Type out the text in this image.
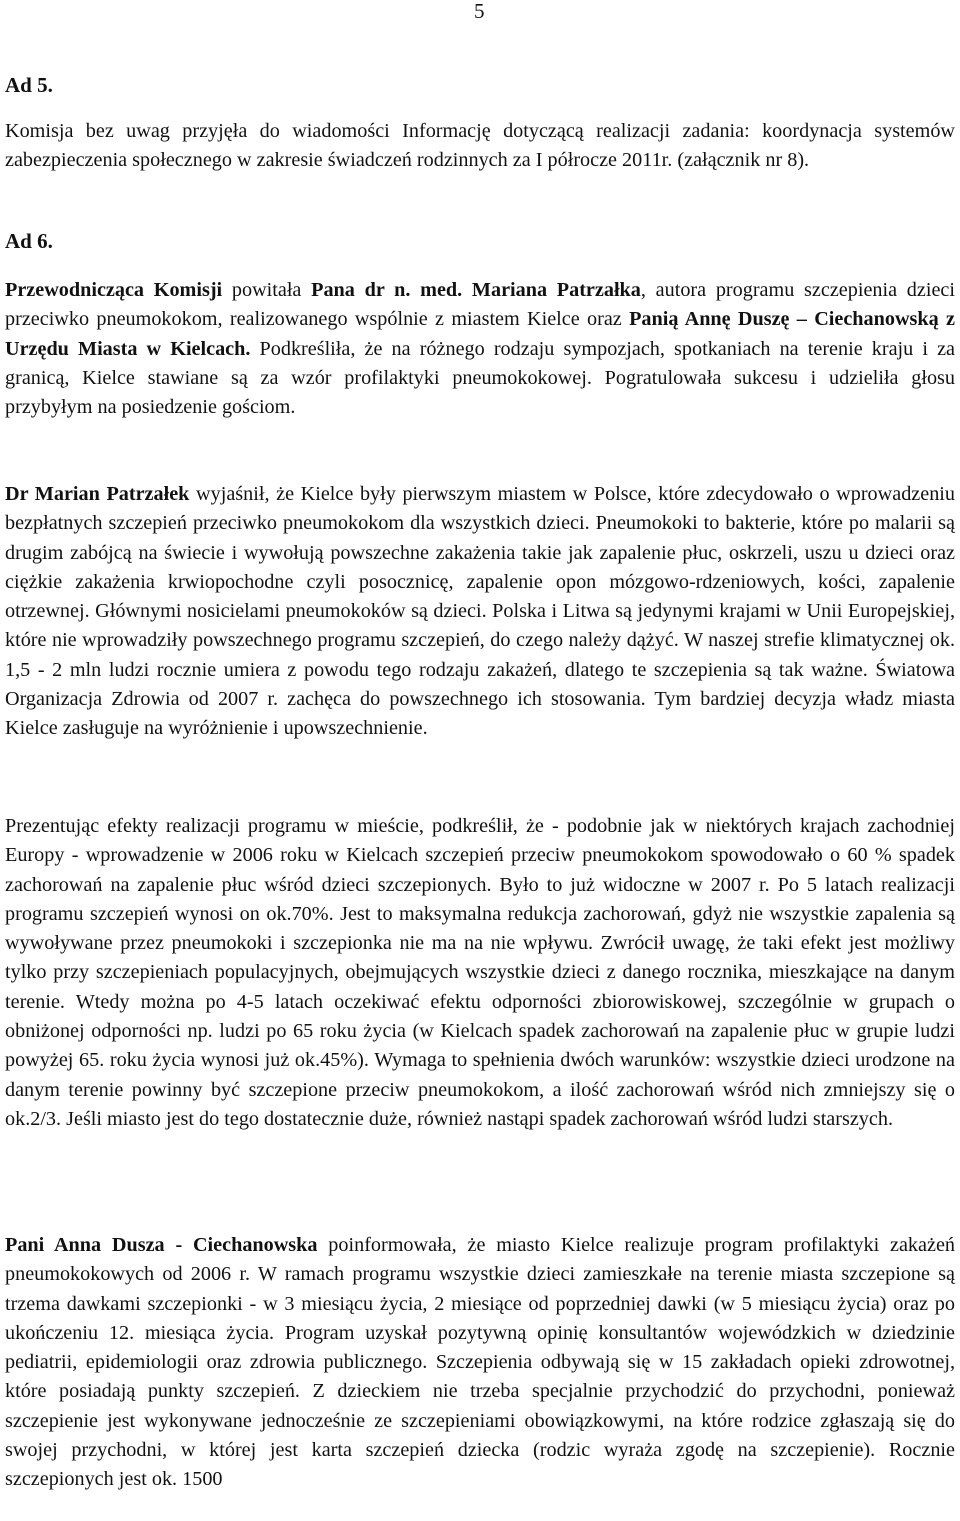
5
Ad 5.

Komisja bez uwag przyjęła do wiadomości Informację dotyczącą realizacji zadania: koordynacja systemów zabezpieczenia społecznego w zakresie świadczeń rodzinnych za I półrocze 2011r. (załącznik nr 8).

Ad 6.

Przewodnicząca Komisji powitała Pana dr n. med. Mariana Patrzałka, autora programu szczepienia dzieci przeciwko pneumokokom, realizowanego wspólnie z miastem Kielce oraz Panią Annę Duszę – Ciechanowską z Urzędu Miasta w Kielcach. Podkreśliła, że na różnego rodzaju sympozjach, spotkaniach na terenie kraju i za granicą, Kielce stawiane są za wzór profilaktyki pneumokokowej. Pogratulowała sukcesu i udzieliła głosu przybyłym na posiedzenie gościom.

Dr Marian Patrzałek wyjaśnił, że Kielce były pierwszym miastem w Polsce, które zdecydowało o wprowadzeniu bezpłatnych szczepień przeciwko pneumokokom dla wszystkich dzieci. Pneumokoki to bakterie, które po malarii są drugim zabójcą na świecie i wywołują powszechne zakażenia takie jak zapalenie płuc, oskrzeli, uszu u dzieci oraz ciężkie zakażenia krwiopochodne czyli posocznicę, zapalenie opon mózgowo-rdzeniowych, kości, zapalenie otrzewnej. Głównymi nosicielami pneumokoków są dzieci. Polska i Litwa są jedynymi krajami w Unii Europejskiej, które nie wprowadziły powszechnego programu szczepień, do czego należy dążyć. W naszej strefie klimatycznej ok. 1,5 - 2 mln ludzi rocznie umiera z powodu tego rodzaju zakażeń, dlatego te szczepienia są tak ważne. Światowa Organizacja Zdrowia od 2007 r. zachęca do powszechnego ich stosowania. Tym bardziej decyzja władz miasta Kielce zasługuje na wyróżnienie i upowszechnienie.

Prezentując efekty realizacji programu w mieście, podkreślił, że - podobnie jak w niektórych krajach zachodniej Europy - wprowadzenie w 2006 roku w Kielcach szczepień przeciw pneumokokom spowodowało o 60 % spadek zachorowań na zapalenie płuc wśród dzieci szczepionych. Było to już widoczne w 2007 r. Po 5 latach realizacji programu szczepień wynosi on ok.70%. Jest to maksymalna redukcja zachorowań, gdyż nie wszystkie zapalenia są wywoływane przez pneumokoki i szczepionka nie ma na nie wpływu. Zwrócił uwagę, że taki efekt jest możliwy tylko przy szczepieniach populacyjnych, obejmujących wszystkie dzieci z danego rocznika, mieszkające na danym terenie. Wtedy można po 4-5 latach oczekiwać efektu odporności zbiorowiskowej, szczególnie w grupach o obniżonej odporności np. ludzi po 65 roku życia (w Kielcach spadek zachorowań na zapalenie płuc w grupie ludzi powyżej 65. roku życia wynosi już ok.45%). Wymaga to spełnienia dwóch warunków: wszystkie dzieci urodzone na danym terenie powinny być szczepione przeciw pneumokokom, a ilość zachorowań wśród nich zmniejszy się o ok.2/3. Jeśli miasto jest do tego dostatecznie duże, również nastąpi spadek zachorowań wśród ludzi starszych.

Pani Anna Dusza - Ciechanowska poinformowała, że miasto Kielce realizuje program profilaktyki zakażeń pneumokokowych od 2006 r. W ramach programu wszystkie dzieci zamieszkałe na terenie miasta szczepione są trzema dawkami szczepionki - w 3 miesiącu życia, 2 miesiące od poprzedniej dawki (w 5 miesiącu życia) oraz po ukończeniu 12. miesiąca życia. Program uzyskał pozytywną opinię konsultantów wojewódzkich w dziedzinie pediatrii, epidemiologii oraz zdrowia publicznego. Szczepienia odbywają się w 15 zakładach opieki zdrowotnej, które posiadają punkty szczepień. Z dzieckiem nie trzeba specjalnie przychodzić do przychodni, ponieważ szczepienie jest wykonywane jednocześnie ze szczepieniami obowiązkowymi, na które rodzice zgłaszają się do swojej przychodni, w której jest karta szczepień dziecka (rodzic wyraża zgodę na szczepienie). Rocznie szczepionych jest ok. 1500
